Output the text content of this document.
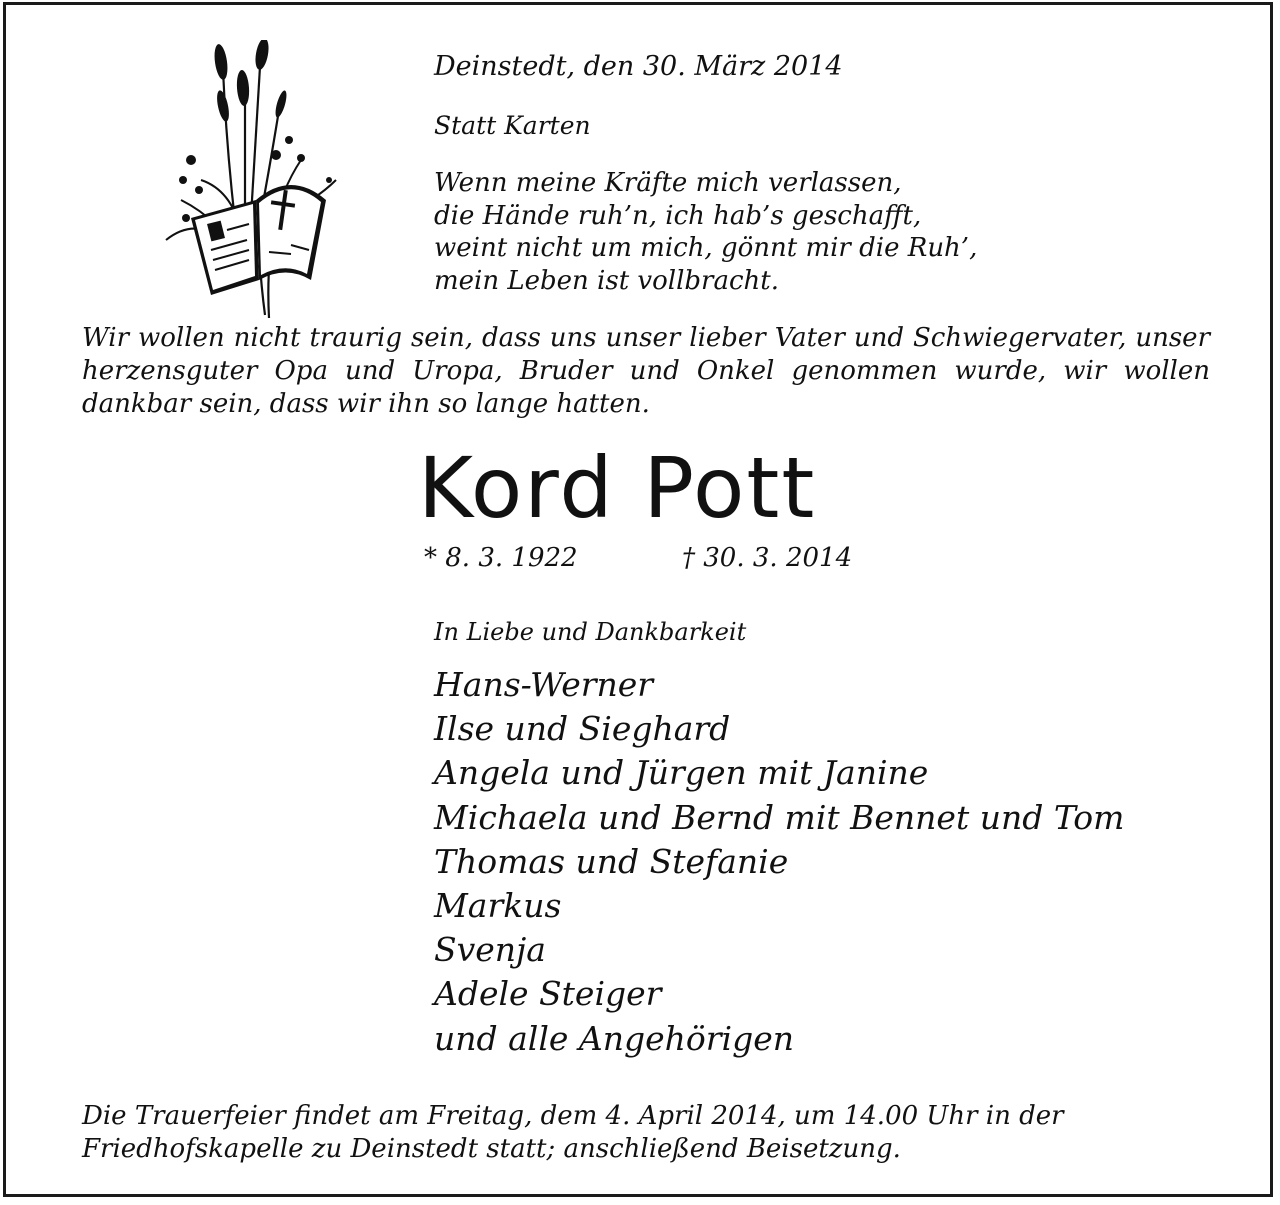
Deinstedt, den 30. März 2014

Statt Karten

Wenn meine Kräfte mich verlassen,
die Hände ruh’n, ich hab’s geschafft,
weint nicht um mich, gönnt mir die Ruh’,
mein Leben ist vollbracht.

Wir wollen nicht traurig sein, dass uns unser lieber Vater und Schwiegervater, unser herzensguter Opa und Uropa, Bruder und Onkel genommen wurde, wir wollen dankbar sein, dass wir ihn so lange hatten.

Kord Pott
* 8. 3. 1922	† 30. 3. 2014

In Liebe und Dankbarkeit

Hans-Werner
Ilse und Sieghard
Angela und Jürgen mit Janine
Michaela und Bernd mit Bennet und Tom
Thomas und Stefanie
Markus
Svenja
Adele Steiger
und alle Angehörigen

Die Trauerfeier findet am Freitag, dem 4. April 2014, um 14.00 Uhr in der Friedhofskapelle zu Deinstedt statt; anschließend Beisetzung.
